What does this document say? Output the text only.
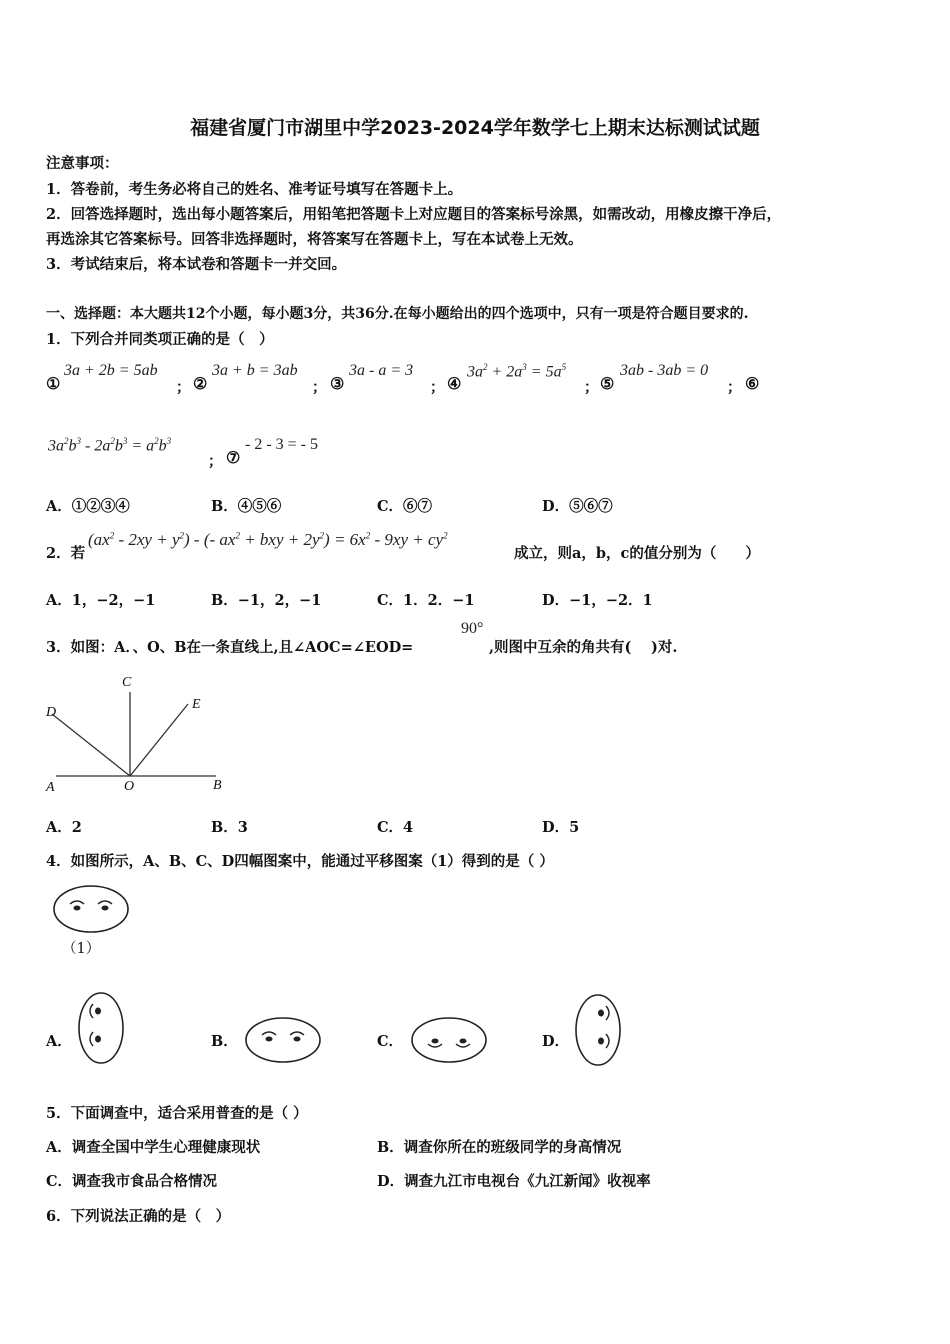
福建省厦门市湖里中学2023-2024学年数学七上期末达标测试试题
注意事项：
1．答卷前，考生务必将自己的姓名、准考证号填写在答题卡上。
2．回答选择题时，选出每小题答案后，用铅笔把答题卡上对应题目的答案标号涂黑，如需改动，用橡皮擦干净后，
再选涂其它答案标号。回答非选择题时，将答案写在答题卡上，写在本试卷上无效。
3．考试结束后，将本试卷和答题卡一并交回。
一、选择题：本大题共12个小题，每小题3分，共36分.在每小题给出的四个选项中，只有一项是符合题目要求的.
1．下列合并同类项正确的是（　）
①
3a + 2b = 5ab
； ②
3a + b = 3ab
； ③
3a - a = 3
； ④
$3a^2 + 2a^3 = 5a^5$
； ⑤
3ab - 3ab = 0
； ⑥
$3a^2b^3 - 2a^2b^3 = a^2b^3$
； ⑦
- 2 - 3 = - 5
A．①②③④	B．④⑤⑥	C．⑥⑦	D．⑤⑥⑦
2．若
$(ax^2 - 2xy + y^2)$ - (- $ax^2$ + bxy + $2y^2) = 6x^2 - 9xy + cy^2$
成立，则a，b，c的值分别为（　　）
A．1，−2，−1	B．−1，2，−1	C．1．2．−1	D．−1，−2．1
3．如图：A．、O、B在一条直线上,且∠AOC=∠EOD=
90°
,则图中互余的角共有(　 )对.
C
D
E
A	O	B
A．2	B．3	C．4	D．5
4．如图所示，A、B、C、D四幅图案中，能通过平移图案（1）得到的是（ ）
（1）
A．	B．	C．	D．
5．下面调查中，适合采用普查的是（ ）
A．调查全国中学生心理健康现状	B．调查你所在的班级同学的身高情况
C．调查我市食品合格情况	D．调查九江市电视台《九江新闻》收视率
6．下列说法正确的是（　）
